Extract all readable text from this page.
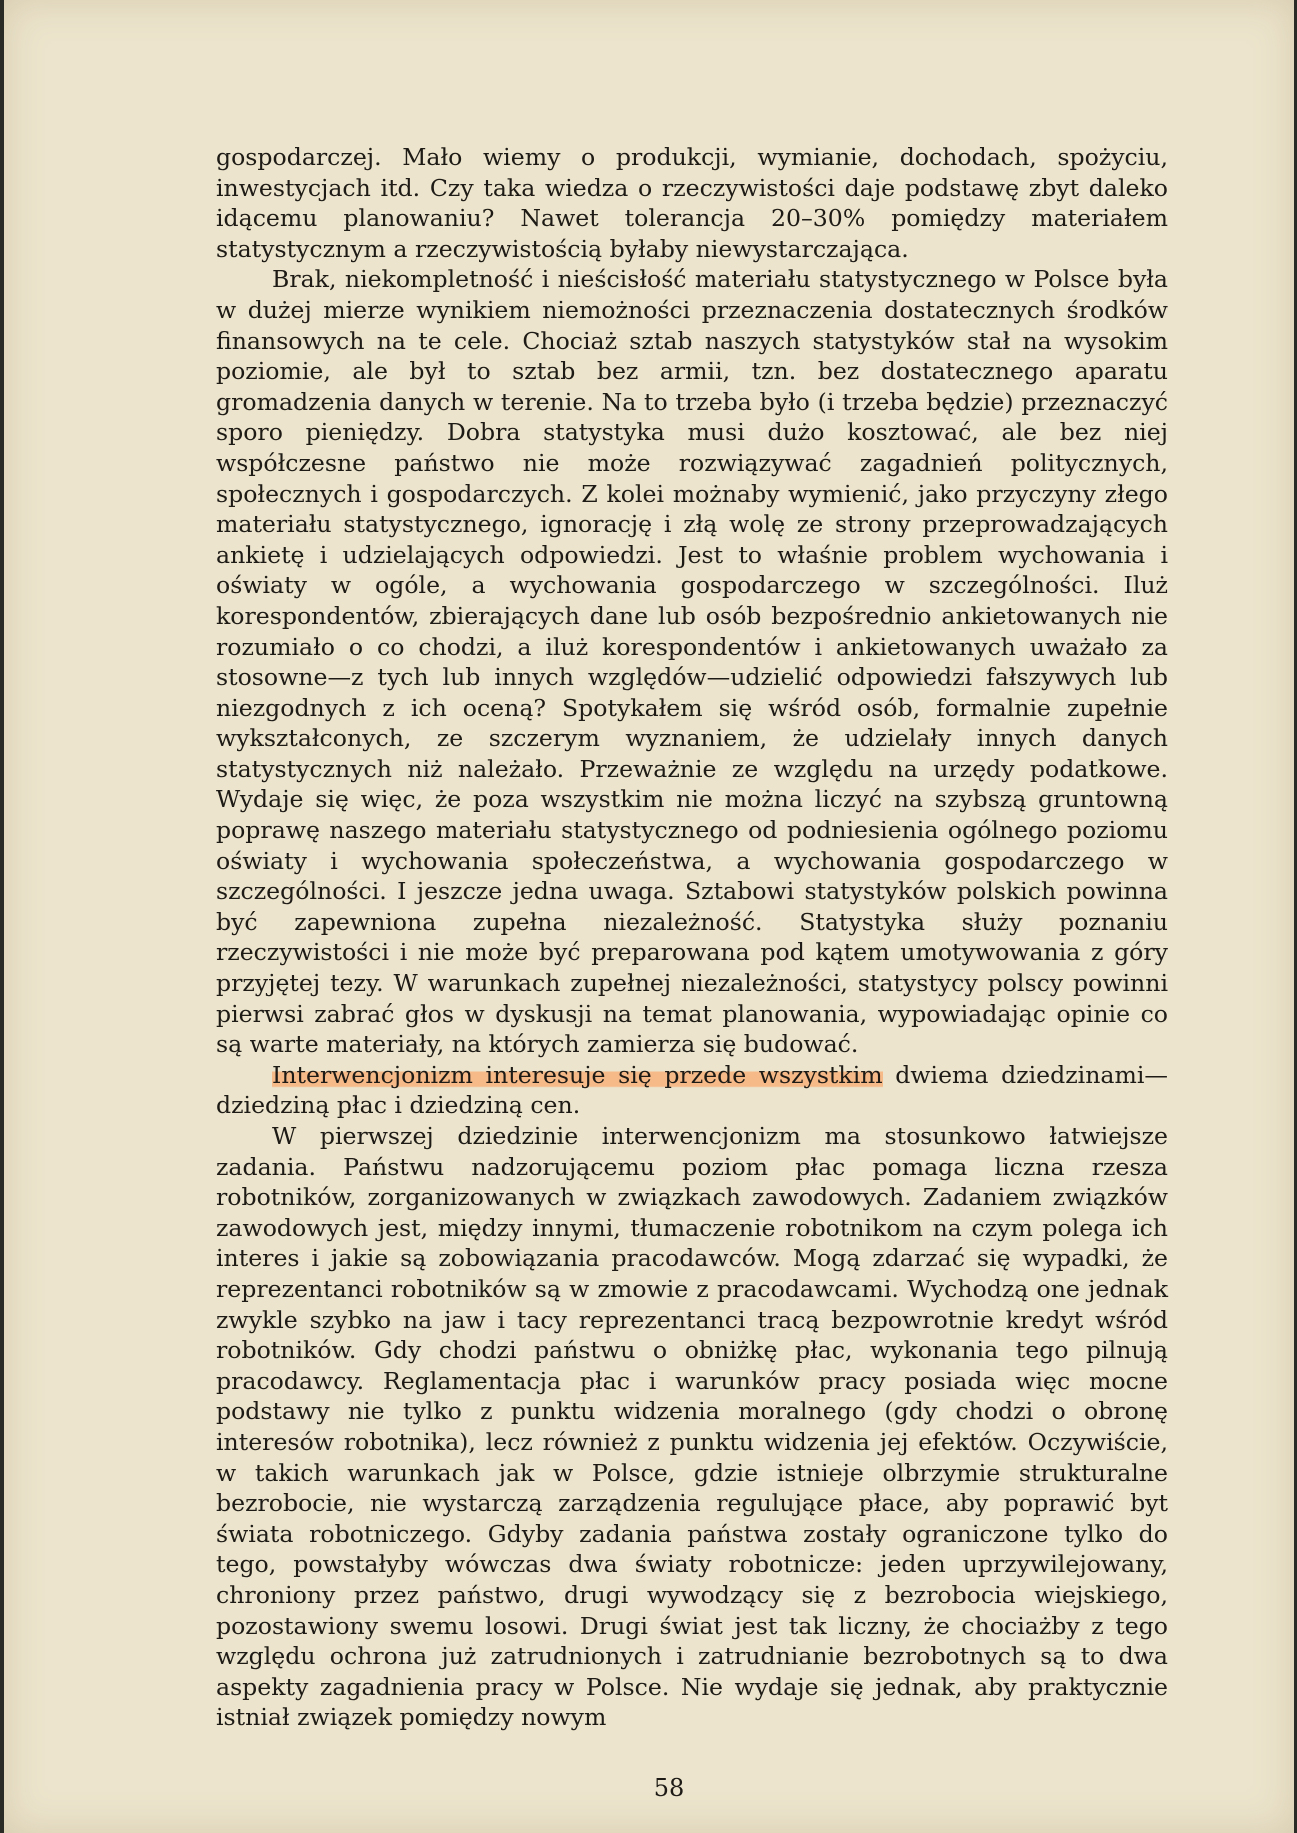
gospodarczej. Mało wiemy o produkcji, wymianie, dochodach, spożyciu, inwestycjach itd. Czy taka wiedza o rzeczywistości daje podstawę zbyt daleko idącemu planowaniu? Nawet tolerancja 20–30% pomiędzy materiałem statystycznym a rzeczywistością byłaby niewystarczająca.

Brak, niekompletność i nieścisłość materiału statystycznego w Polsce była w dużej mierze wynikiem niemożności przeznaczenia dostatecznych środków finansowych na te cele. Chociaż sztab naszych statystyków stał na wysokim poziomie, ale był to sztab bez armii, tzn. bez dostatecznego aparatu gromadzenia danych w terenie. Na to trzeba było (i trzeba będzie) przeznaczyć sporo pieniędzy. Dobra statystyka musi dużo kosztować, ale bez niej współczesne państwo nie może rozwiązywać zagadnień politycznych, społecznych i gospodarczych. Z kolei możnaby wymienić, jako przyczyny złego materiału statystycznego, ignorację i złą wolę ze strony przeprowadzających ankietę i udzielających odpowiedzi. Jest to właśnie problem wychowania i oświaty w ogóle, a wychowania gospodarczego w szczególności. Iluż korespondentów, zbierających dane lub osób bezpośrednio ankietowanych nie rozumiało o co chodzi, a iluż korespondentów i ankietowanych uważało za stosowne—z tych lub innych względów—udzielić odpowiedzi fałszywych lub niezgodnych z ich oceną? Spotykałem się wśród osób, formalnie zupełnie wykształconych, ze szczerym wyznaniem, że udzielały innych danych statystycznych niż należało. Przeważnie ze względu na urzędy podatkowe. Wydaje się więc, że poza wszystkim nie można liczyć na szybszą gruntowną poprawę naszego materiału statystycznego od podniesienia ogólnego poziomu oświaty i wychowania społeczeństwa, a wychowania gospodarczego w szczególności. I jeszcze jedna uwaga. Sztabowi statystyków polskich powinna być zapewniona zupełna niezależność. Statystyka służy poznaniu rzeczywistości i nie może być preparowana pod kątem umotywowania z góry przyjętej tezy. W warunkach zupełnej niezależności, statystycy polscy powinni pierwsi zabrać głos w dyskusji na temat planowania, wypowiadając opinie co są warte materiały, na których zamierza się budować.

Interwencjonizm interesuje się przede wszystkim dwiema dziedzinami—dziedziną płac i dziedziną cen.

W pierwszej dziedzinie interwencjonizm ma stosunkowo łatwiejsze zadania. Państwu nadzorującemu poziom płac pomaga liczna rzesza robotników, zorganizowanych w związkach zawodowych. Zadaniem związków zawodowych jest, między innymi, tłumaczenie robotnikom na czym polega ich interes i jakie są zobowiązania pracodawców. Mogą zdarzać się wypadki, że reprezentanci robotników są w zmowie z pracodawcami. Wychodzą one jednak zwykle szybko na jaw i tacy reprezentanci tracą bezpowrotnie kredyt wśród robotników. Gdy chodzi państwu o obniżkę płac, wykonania tego pilnują pracodawcy. Reglamentacja płac i warunków pracy posiada więc mocne podstawy nie tylko z punktu widzenia moralnego (gdy chodzi o obronę interesów robotnika), lecz również z punktu widzenia jej efektów. Oczywiście, w takich warunkach jak w Polsce, gdzie istnieje olbrzymie strukturalne bezrobocie, nie wystarczą zarządzenia regulujące płace, aby poprawić byt świata robotniczego. Gdyby zadania państwa zostały ograniczone tylko do tego, powstałyby wówczas dwa światy robotnicze: jeden uprzywilejowany, chroniony przez państwo, drugi wywodzący się z bezrobocia wiejskiego, pozostawiony swemu losowi. Drugi świat jest tak liczny, że chociażby z tego względu ochrona już zatrudnionych i zatrudnianie bezrobotnych są to dwa aspekty zagadnienia pracy w Polsce. Nie wydaje się jednak, aby praktycznie istniał związek pomiędzy nowym

58
